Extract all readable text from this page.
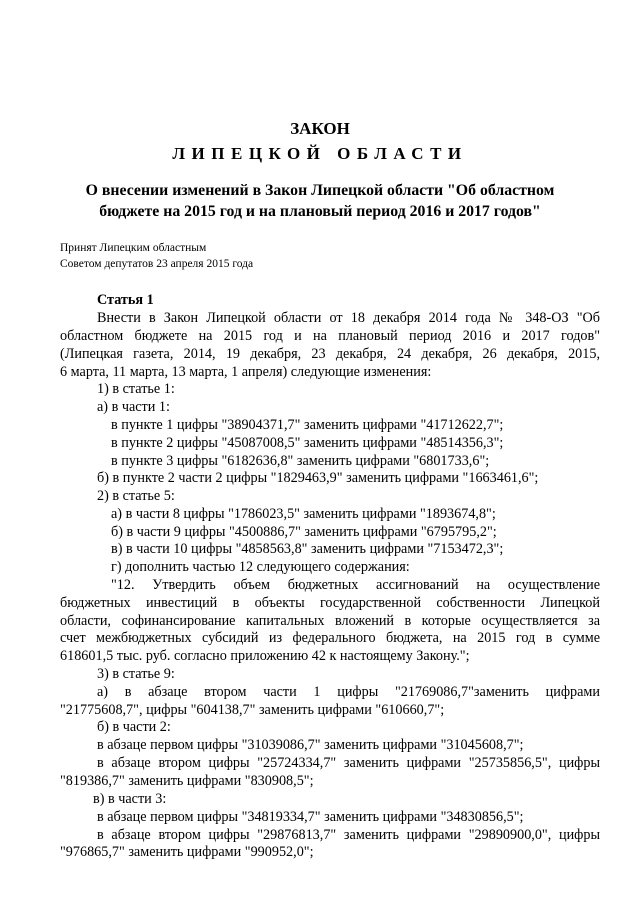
ЗАКОН
ЛИПЕЦКОЙ ОБЛАСТИ
О внесении изменений в Закон Липецкой области "Об областном
бюджете на 2015 год и на плановый период 2016 и 2017 годов"
Принят Липецким областным
Советом депутатов 23 апреля 2015 года
Статья 1
Внести в Закон Липецкой области от 18 декабря 2014 года № 348-ОЗ "Об
областном бюджете на 2015 год и на плановый период 2016 и 2017 годов"
(Липецкая газета, 2014, 19 декабря, 23 декабря, 24 декабря, 26 декабря, 2015,
6 марта, 11 марта, 13 марта, 1 апреля) следующие изменения:
1) в статье 1:
а) в части 1:
в пункте 1 цифры "38904371,7" заменить цифрами "41712622,7";
в пункте 2 цифры "45087008,5" заменить цифрами "48514356,3";
в пункте 3 цифры "6182636,8" заменить цифрами "6801733,6";
б) в пункте 2 части 2 цифры "1829463,9" заменить цифрами "1663461,6";
2) в статье 5:
а) в части 8 цифры "1786023,5" заменить цифрами "1893674,8";
б) в части 9 цифры "4500886,7" заменить цифрами "6795795,2";
в) в части 10 цифры "4858563,8" заменить цифрами "7153472,3";
г) дополнить частью 12 следующего содержания:
"12. Утвердить объем бюджетных ассигнований на осуществление
бюджетных инвестиций в объекты государственной собственности Липецкой
области, софинансирование капитальных вложений в которые осуществляется за
счет межбюджетных субсидий из федерального бюджета, на 2015 год в сумме
618601,5 тыс. руб. согласно приложению 42 к настоящему Закону.";
3) в статье 9:
а) в абзаце втором части 1 цифры "21769086,7"заменить цифрами
"21775608,7", цифры "604138,7" заменить цифрами "610660,7";
б) в части 2:
в абзаце первом цифры "31039086,7" заменить цифрами "31045608,7";
в абзаце втором цифры "25724334,7" заменить цифрами "25735856,5", цифры
"819386,7" заменить цифрами "830908,5";
в) в части 3:
в абзаце первом цифры "34819334,7" заменить цифрами "34830856,5";
в абзаце втором цифры "29876813,7" заменить цифрами "29890900,0", цифры
"976865,7" заменить цифрами "990952,0";
